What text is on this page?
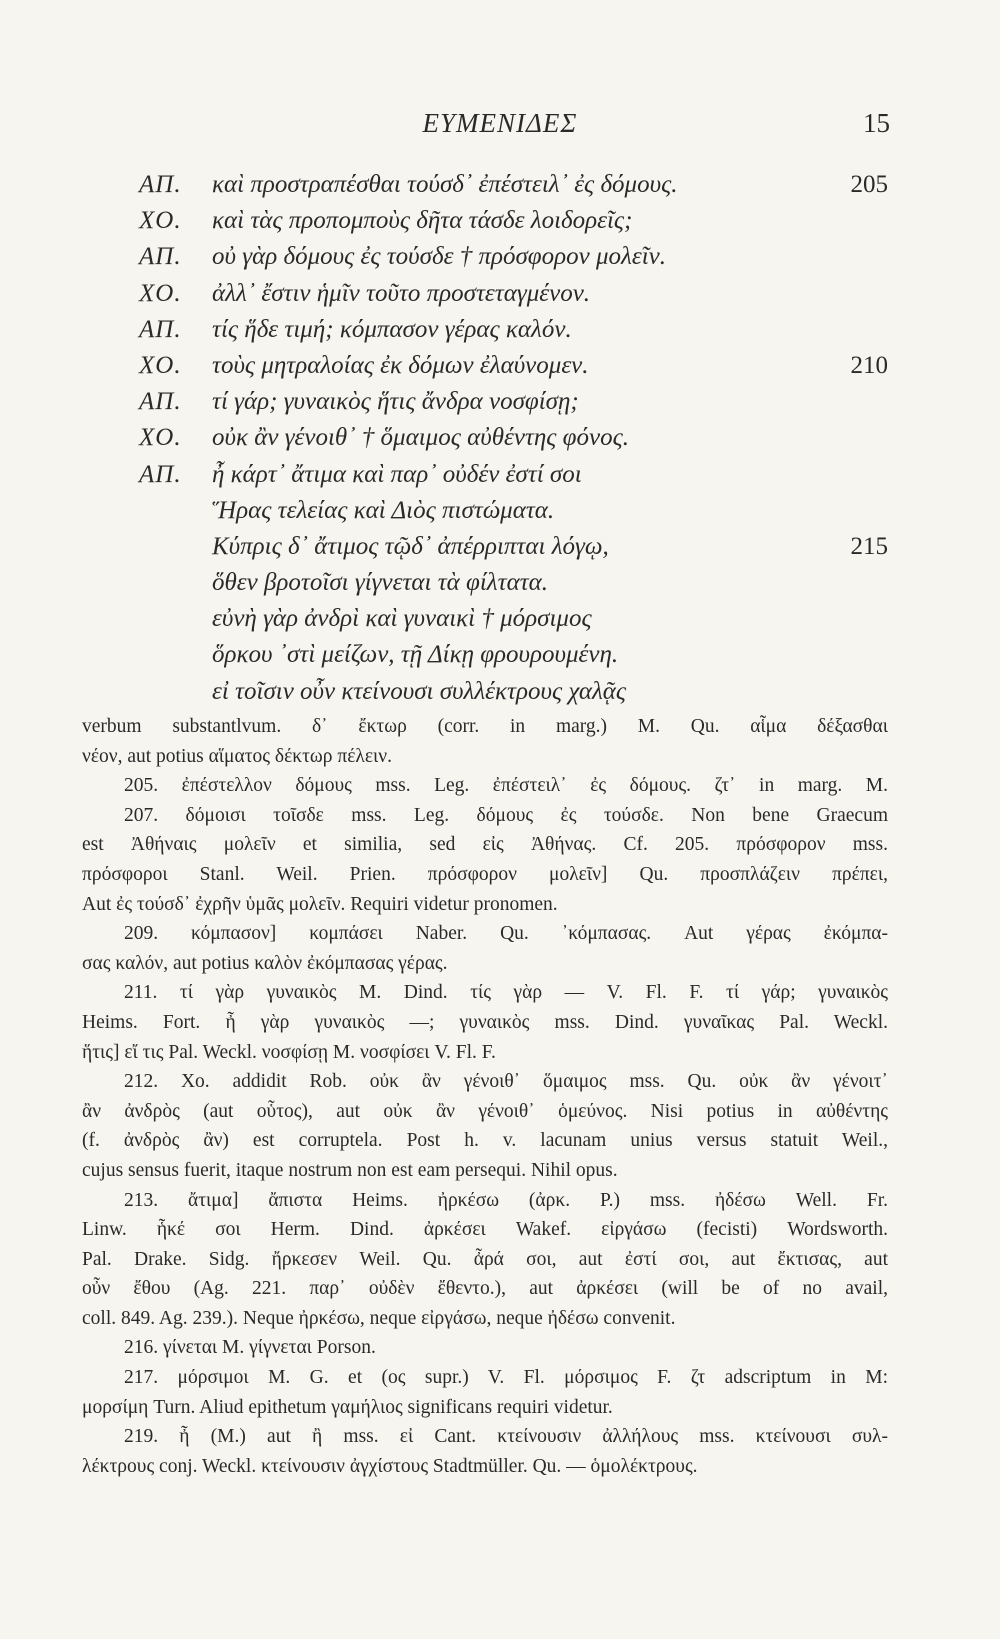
ΕΥΜΕΝΙΔΕΣ	15
ΑΠ. καὶ προστραπέσθαι τούσδ᾽ ἐπέστειλ᾽ ἐς δόμους.	205
ΧΟ. καὶ τὰς προπομποὺς δῆτα τάσδε λοιδορεῖς;
ΑΠ. οὐ γὰρ δόμους ἐς τούσδε † πρόσφορον μολεῖν.
ΧΟ. ἀλλ᾽ ἔστιν ἡμῖν τοῦτο προστεταγμένον.
ΑΠ. τίς ἥδε τιμή; κόμπασον γέρας καλόν.
ΧΟ. τοὺς μητραλοίας ἐκ δόμων ἐλαύνομεν.	210
ΑΠ. τί γάρ; γυναικὸς ἥτις ἄνδρα νοσφίσῃ;
ΧΟ. οὐκ ἂν γένοιθ᾽ † ὅμαιμος αὐθέντης φόνος.
ΑΠ. ἦ κάρτ᾽ ἄτιμα καὶ παρ᾽ οὐδέν ἐστί σοι
Ἥρας τελείας καὶ Διὸς πιστώματα.
Κύπρις δ᾽ ἄτιμος τῷδ᾽ ἀπέρριπται λόγῳ,	215
ὅθεν βροτοῖσι γίγνεται τὰ φίλτατα.
εὐνὴ γὰρ ἀνδρὶ καὶ γυναικὶ † μόρσιμος
ὅρκου ᾿στὶ μείζων, τῇ Δίκῃ φρουρουμένη.
εἰ τοῖσιν οὖν κτείνουσι συλλέκτρους χαλᾷς
verbum substantlvum. δ᾽ ἔκτωρ (corr. in marg.) M. Qu. αἷμα δέξασθαι
νέον, aut potius αἵματος δέκτωρ πέλειν.
205. ἐπέστελλον δόμους mss. Leg. ἐπέστειλ᾽ ἐς δόμους. ζτ᾽ in marg. M.
207. δόμοισι τοῖσδε mss. Leg. δόμους ἐς τούσδε. Non bene Graecum
est Ἀθήναις μολεῖν et similia, sed εἰς Ἀθήνας. Cf. 205. πρόσφορον mss.
πρόσφοροι Stanl. Weil. Prien. πρόσφορον μολεῖν] Qu. προσπλάζειν πρέπει,
Aut ἐς τούσδ᾽ ἐχρῆν ὑμᾶς μολεῖν. Requiri videtur pronomen.
209. κόμπασον] κομπάσει Naber. Qu. ᾽κόμπασας. Aut γέρας ἐκόμπα-
σας καλόν, aut potius καλὸν ἐκόμπασας γέρας.
211. τί γὰρ γυναικὸς M. Dind. τίς γὰρ — V. Fl. F. τί γάρ; γυναικὸς
Heims. Fort. ἦ γὰρ γυναικὸς —; γυναικὸς mss. Dind. γυναῖκας Pal. Weckl.
ἥτις] εἴ τις Pal. Weckl. νοσφίσῃ M. νοσφίσει V. Fl. F.
212. Χο. addidit Rob. οὐκ ἂν γένοιθ᾽ ὅμαιμος mss. Qu. οὐκ ἂν γένοιτ᾽
ἂν ἀνδρὸς (aut οὗτος), aut οὐκ ἂν γένοιθ᾽ ὁμεύνος. Nisi potius in αὐθέντης
(f. ἀνδρὸς ἂν) est corruptela. Post h. v. lacunam unius versus statuit Weil.,
cujus sensus fuerit, itaque nostrum non est eam persequi. Nihil opus.
213. ἄτιμα] ἄπιστα Heims. ἠρκέσω (ἀρκ. P.) mss. ἠδέσω Well. Fr.
Linw. ἧκέ σοι Herm. Dind. ἀρκέσει Wakef. εἰργάσω (fecisti) Wordsworth.
Pal. Drake. Sidg. ἤρκεσεν Weil. Qu. ἆρά σοι, aut ἐστί σοι, aut ἔκτισας, aut
οὖν ἔθου (Ag. 221. παρ᾽ οὐδὲν ἔθεντο.), aut ἀρκέσει (will be of no avail,
coll. 849. Ag. 239.). Neque ἠρκέσω, neque εἰργάσω, neque ἠδέσω convenit.
216. γίνεται M. γίγνεται Porson.
217. μόρσιμοι M. G. et (ος supr.) V. Fl. μόρσιμος F. ζτ adscriptum in M:
μορσίμη Turn. Aliud epithetum γαμήλιος significans requiri videtur.
219. ἦ (M.) aut ἢ mss. εἰ Cant. κτείνουσιν ἀλλήλους mss. κτείνουσι συλ-
λέκτρους conj. Weckl. κτείνουσιν ἀγχίστους Stadtmüller. Qu. — ὁμολέκτρους.
